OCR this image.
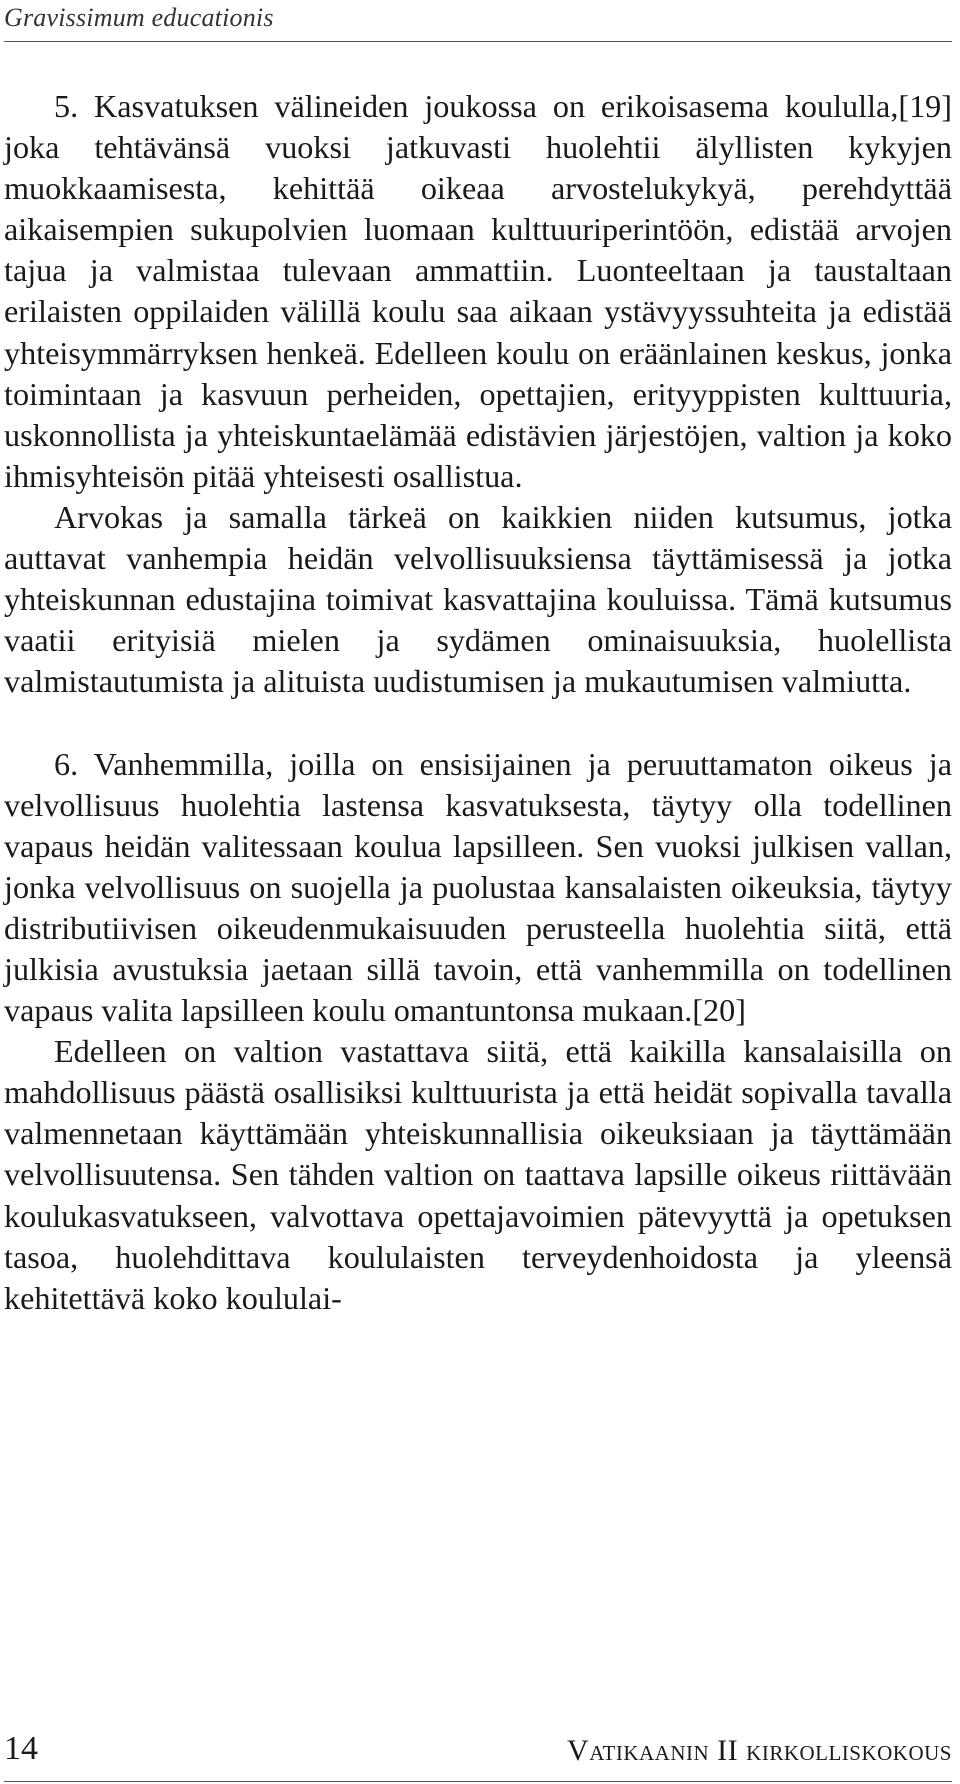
Gravissimum educationis

5. Kasvatuksen välineiden joukossa on erikoisasema koululla,[19] joka tehtävänsä vuoksi jatkuvasti huolehtii älyllisten kykyjen muokkaamisesta, kehittää oikeaa arvostelukykyä, perehdyttää aikaisempien sukupolvien luomaan kulttuuriperintöön, edistää arvojen tajua ja valmistaa tulevaan ammattiin. Luonteeltaan ja taustaltaan erilaisten oppilaiden välillä koulu saa aikaan ystävyyssuhteita ja edistää yhteisymmärryksen henkeä. Edelleen koulu on eräänlainen keskus, jonka toimintaan ja kasvuun perheiden, opettajien, erityyppisten kulttuuria, uskonnollista ja yhteiskuntaelämää edistävien järjestöjen, valtion ja koko ihmisyhteisön pitää yhteisesti osallistua.

Arvokas ja samalla tärkeä on kaikkien niiden kutsumus, jotka auttavat vanhempia heidän velvollisuuksiensa täyttämisessä ja jotka yhteiskunnan edustajina toimivat kasvattajina kouluissa. Tämä kutsumus vaatii erityisiä mielen ja sydämen ominaisuuksia, huolellista valmistautumista ja alituista uudistumisen ja mukautumisen valmiutta.

6. Vanhemmilla, joilla on ensisijainen ja peruuttamaton oikeus ja velvollisuus huolehtia lastensa kasvatuksesta, täytyy olla todellinen vapaus heidän valitessaan koulua lapsilleen. Sen vuoksi julkisen vallan, jonka velvollisuus on suojella ja puolustaa kansalaisten oikeuksia, täytyy distributiivisen oikeudenmukaisuuden perusteella huolehtia siitä, että julkisia avustuksia jaetaan sillä tavoin, että vanhemmilla on todellinen vapaus valita lapsilleen koulu omantuntonsa mukaan.[20]

Edelleen on valtion vastattava siitä, että kaikilla kansalaisilla on mahdollisuus päästä osallisiksi kulttuurista ja että heidät sopivalla tavalla valmennetaan käyttämään yhteiskunnallisia oikeuksiaan ja täyttämään velvollisuutensa. Sen tähden valtion on taattava lapsille oikeus riittävään koulukasvatukseen, valvottava opettajavoimien pätevyyttä ja opetuksen tasoa, huolehdittava koululaisten terveydenhoidosta ja yleensä kehitettävä koko koululai-

14	Vatikaanin II kirkolliskokous
